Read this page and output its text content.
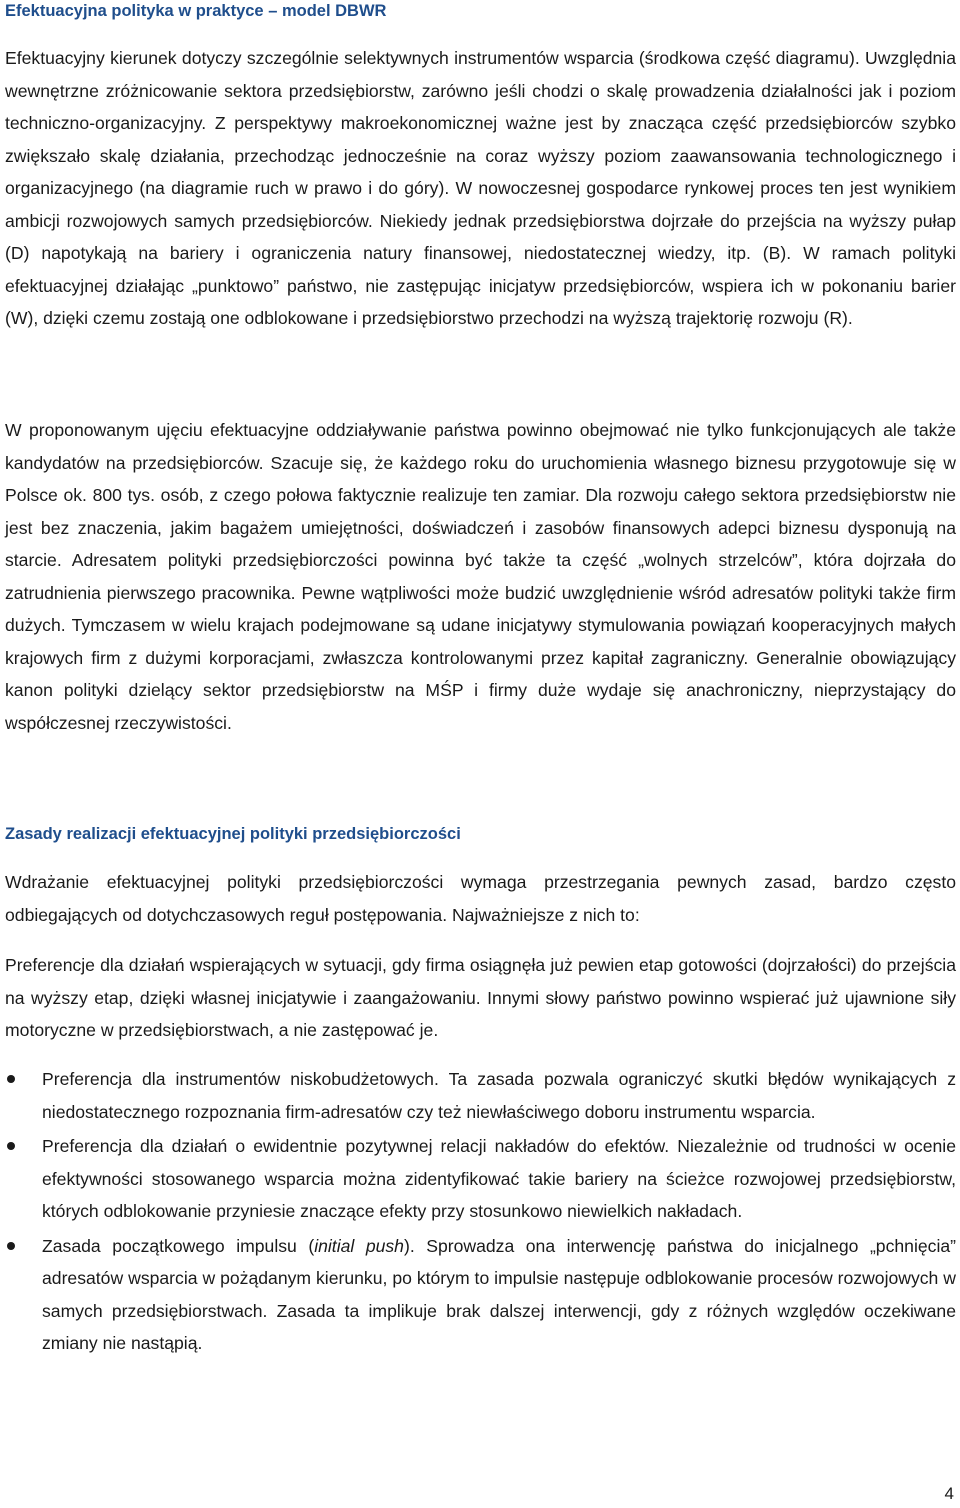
Efektuacyjna polityka w praktyce – model DBWR

Efektuacyjny kierunek dotyczy szczególnie selektywnych instrumentów wsparcia (środkowa część diagramu). Uwzględnia wewnętrzne zróżnicowanie sektora przedsiębiorstw, zarówno jeśli chodzi o skalę prowadzenia działalności jak i poziom techniczno-organizacyjny. Z perspektywy makroekonomicznej ważne jest by znacząca część przedsiębiorców szybko zwiększało skalę działania, przechodząc jednocześnie na coraz wyższy poziom zaawansowania technologicznego i organizacyjnego (na diagramie ruch w prawo i do góry). W nowoczesnej gospodarce rynkowej proces ten jest wynikiem ambicji rozwojowych samych przedsiębiorców. Niekiedy jednak przedsiębiorstwa dojrzałe do przejścia na wyższy pułap (D) napotykają na bariery i ograniczenia natury finansowej, niedostatecznej wiedzy, itp. (B). W ramach polityki efektuacyjnej działając „punktowo” państwo, nie zastępując inicjatyw przedsiębiorców, wspiera ich w pokonaniu barier (W), dzięki czemu zostają one odblokowane i przedsiębiorstwo przechodzi na wyższą trajektorię rozwoju (R).

W proponowanym ujęciu efektuacyjne oddziaływanie państwa powinno obejmować nie tylko funkcjonujących ale także kandydatów na przedsiębiorców. Szacuje się, że każdego roku do uruchomienia własnego biznesu przygotowuje się w Polsce ok. 800 tys. osób, z czego połowa faktycznie realizuje ten zamiar. Dla rozwoju całego sektora przedsiębiorstw nie jest bez znaczenia, jakim bagażem umiejętności, doświadczeń i zasobów finansowych adepci biznesu dysponują na starcie. Adresatem polityki przedsiębiorczości powinna być także ta część „wolnych strzelców”, która dojrzała do zatrudnienia pierwszego pracownika. Pewne wątpliwości może budzić uwzględnienie wśród adresatów polityki także firm dużych. Tymczasem w wielu krajach podejmowane są udane inicjatywy stymulowania powiązań kooperacyjnych małych krajowych firm z dużymi korporacjami, zwłaszcza kontrolowanymi przez kapitał zagraniczny. Generalnie obowiązujący kanon polityki dzielący sektor przedsiębiorstw na MŚP i firmy duże wydaje się anachroniczny, nieprzystający do współczesnej rzeczywistości.

Zasady realizacji efektuacyjnej polityki przedsiębiorczości

Wdrażanie efektuacyjnej polityki przedsiębiorczości wymaga przestrzegania pewnych zasad, bardzo często odbiegających od dotychczasowych reguł postępowania. Najważniejsze z nich to:

Preferencje dla działań wspierających w sytuacji, gdy firma osiągnęła już pewien etap gotowości (dojrzałości) do przejścia na wyższy etap, dzięki własnej inicjatywie i zaangażowaniu. Innymi słowy państwo powinno wspierać już ujawnione siły motoryczne w przedsiębiorstwach, a nie zastępować je.

Preferencja dla instrumentów niskobudżetowych. Ta zasada pozwala ograniczyć skutki błędów wynikających z niedostatecznego rozpoznania firm-adresatów czy też niewłaściwego doboru instrumentu wsparcia.
Preferencja dla działań o ewidentnie pozytywnej relacji nakładów do efektów. Niezależnie od trudności w ocenie efektywności stosowanego wsparcia można zidentyfikować takie bariery na ścieżce rozwojowej przedsiębiorstw, których odblokowanie przyniesie znaczące efekty przy stosunkowo niewielkich nakładach.
Zasada początkowego impulsu (initial push). Sprowadza ona interwencję państwa do inicjalnego „pchnięcia” adresatów wsparcia w pożądanym kierunku, po którym to impulsie następuje odblokowanie procesów rozwojowych w samych przedsiębiorstwach. Zasada ta implikuje brak dalszej interwencji, gdy z różnych względów oczekiwane zmiany nie nastąpią.
4
